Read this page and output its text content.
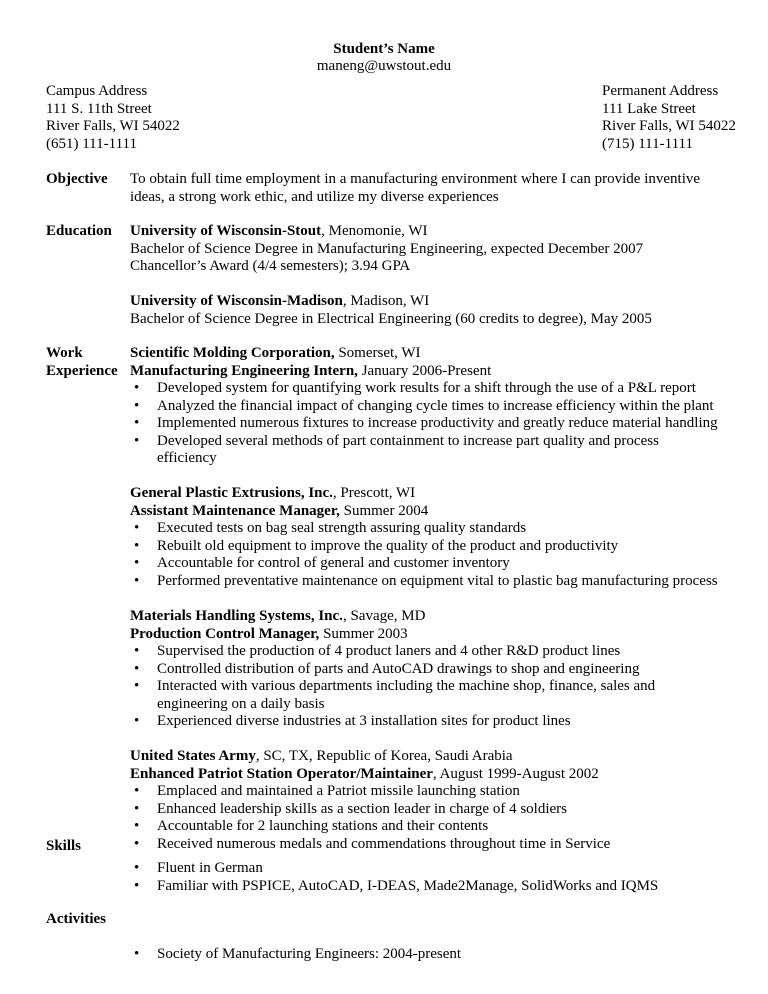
Student’s Name
maneng@uwstout.edu
Campus Address
111 S. 11th Street
River Falls, WI 54022
(651) 111-1111
Permanent Address
111 Lake Street
River Falls, WI 54022
(715) 111-1111
Objective To obtain full time employment in a manufacturing environment where I can provide inventive
ideas, a strong work ethic, and utilize my diverse experiences
Education University of Wisconsin-Stout, Menomonie, WI
Bachelor of Science Degree in Manufacturing Engineering, expected December 2007
Chancellor’s Award (4/4 semesters); 3.94 GPA
University of Wisconsin-Madison, Madison, WI
Bachelor of Science Degree in Electrical Engineering (60 credits to degree), May 2005
Work
Experience
Scientific Molding Corporation, Somerset, WI
Manufacturing Engineering Intern, January 2006-Present
• Developed system for quantifying work results for a shift through the use of a P&L report
• Analyzed the financial impact of changing cycle times to increase efficiency within the plant
• Implemented numerous fixtures to increase productivity and greatly reduce material handling
• Developed several methods of part containment to increase part quality and process
efficiency
General Plastic Extrusions, Inc., Prescott, WI
Assistant Maintenance Manager, Summer 2004
• Executed tests on bag seal strength assuring quality standards
• Rebuilt old equipment to improve the quality of the product and productivity
• Accountable for control of general and customer inventory
• Performed preventative maintenance on equipment vital to plastic bag manufacturing process
Materials Handling Systems, Inc., Savage, MD
Production Control Manager, Summer 2003
• Supervised the production of 4 product laners and 4 other R&D product lines
• Controlled distribution of parts and AutoCAD drawings to shop and engineering
• Interacted with various departments including the machine shop, finance, sales and
engineering on a daily basis
• Experienced diverse industries at 3 installation sites for product lines
United States Army, SC, TX, Republic of Korea, Saudi Arabia
Enhanced Patriot Station Operator/Maintainer, August 1999-August 2002
• Emplaced and maintained a Patriot missile launching station
• Enhanced leadership skills as a section leader in charge of 4 soldiers
• Accountable for 2 launching stations and their contents
• Received numerous medals and commendations throughout time in Service
Skills
• Fluent in German
• Familiar with PSPICE, AutoCAD, I-DEAS, Made2Manage, SolidWorks and IQMS
Activities
• Society of Manufacturing Engineers: 2004-present
